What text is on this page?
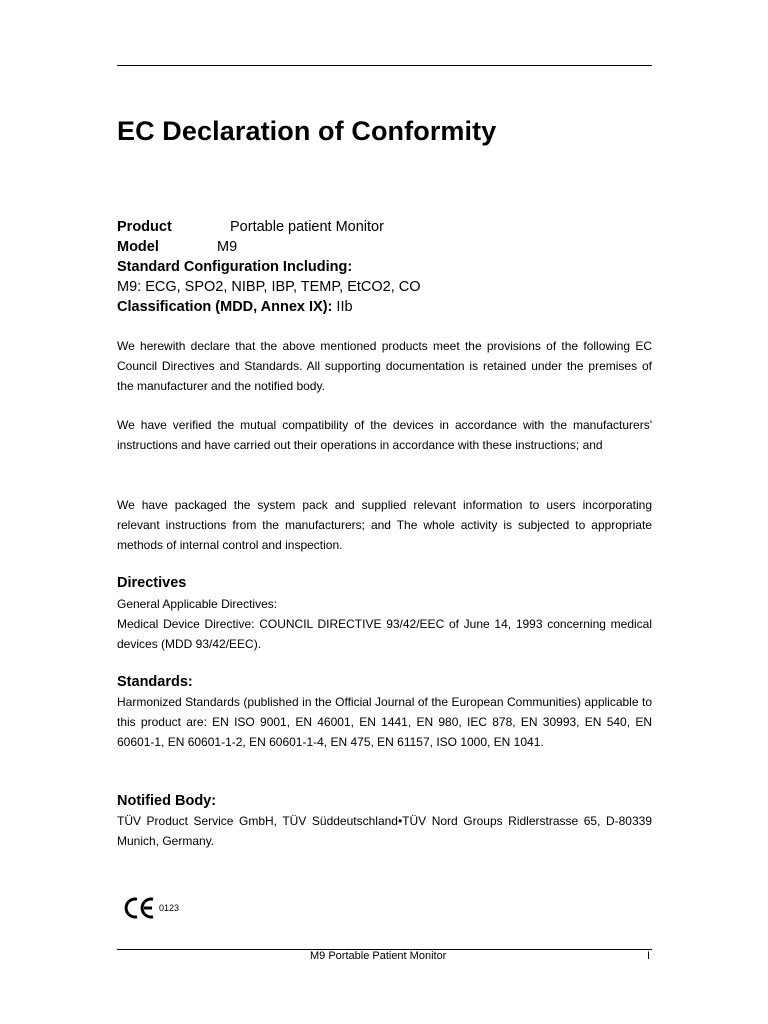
EC Declaration of Conformity
Product	Portable patient Monitor
Model	M9
Standard Configuration Including:
M9: ECG, SPO2, NIBP, IBP, TEMP, EtCO2, CO
Classification (MDD, Annex IX): IIb

We herewith declare that the above mentioned products meet the provisions of the following EC Council Directives and Standards. All supporting documentation is retained under the premises of the manufacturer and the notified body.

We have verified the mutual compatibility of the devices in accordance with the manufacturers' instructions and have carried out their operations in accordance with these instructions; and

We have packaged the system pack and supplied relevant information to users incorporating relevant instructions from the manufacturers; and The whole activity is subjected to appropriate methods of internal control and inspection.

Directives

General Applicable Directives:

Medical Device Directive: COUNCIL DIRECTIVE 93/42/EEC of June 14, 1993 concerning medical devices (MDD 93/42/EEC).

Standards:

Harmonized Standards (published in the Official Journal of the European Communities) applicable to this product are: EN ISO 9001, EN 46001, EN 1441, EN 980, IEC 878, EN 30993, EN 540, EN 60601-1, EN 60601-1-2, EN 60601-1-4, EN 475, EN 61157, ISO 1000, EN 1041.

Notified Body:

TÜV Product Service GmbH, TÜV Süddeutschland•TÜV Nord Groups Ridlerstrasse 65, D-80339 Munich, Germany.

0123
M9 Portable Patient Monitor	I
